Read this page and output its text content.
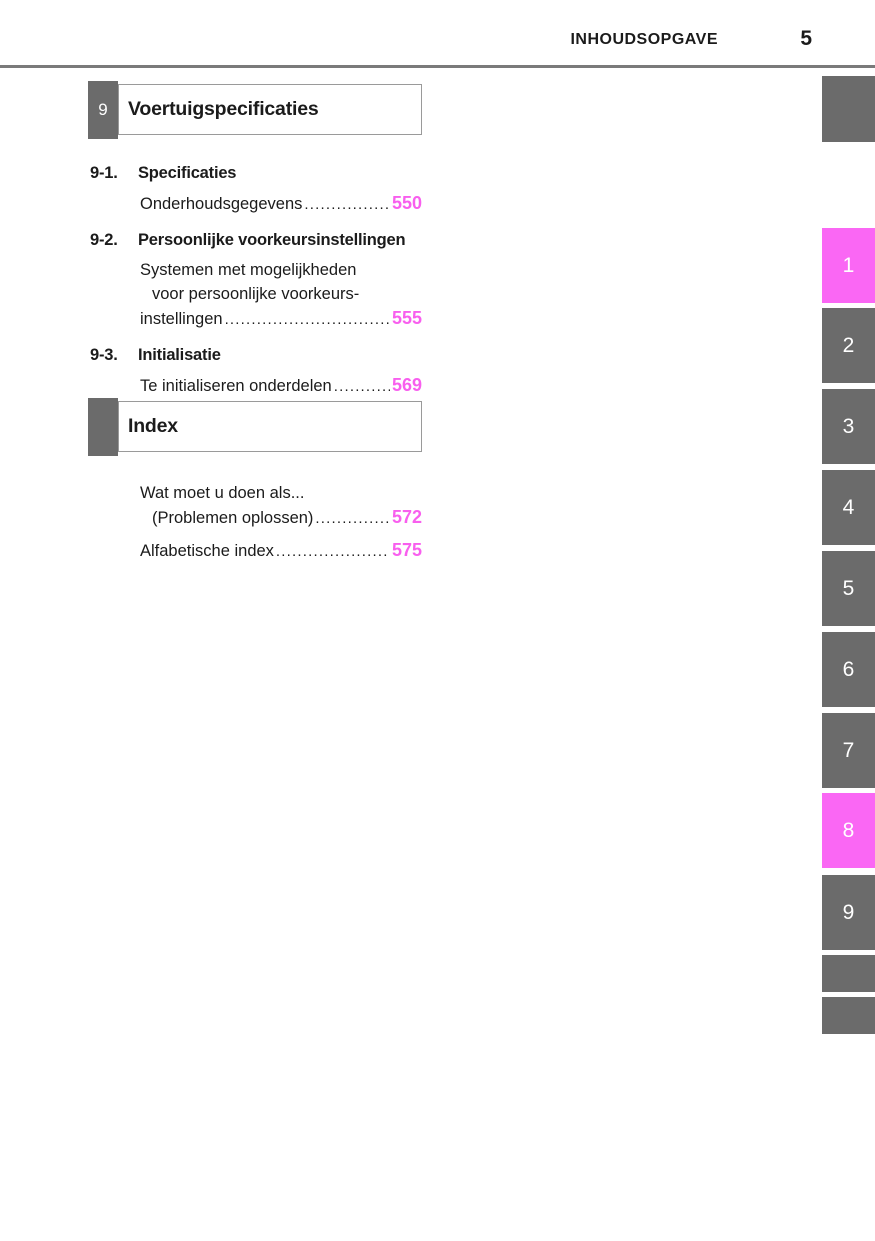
INHOUDSOPGAVE	5
9 Voertuigspecificaties
9-1.	Specificaties
Onderhoudsgegevens .....	550
9-2.	Persoonlijke voorkeursinstellingen
Systemen met mogelijkheden
voor persoonlijke voorkeurs-
instellingen .....	555
9-3.	Initialisatie
Te initialiseren onderdelen .....	569
Index
Wat moet u doen als...
(Problemen oplossen) .....	572
Alfabetische index .....	575
1
2
3
4
5
6
7
8
9
